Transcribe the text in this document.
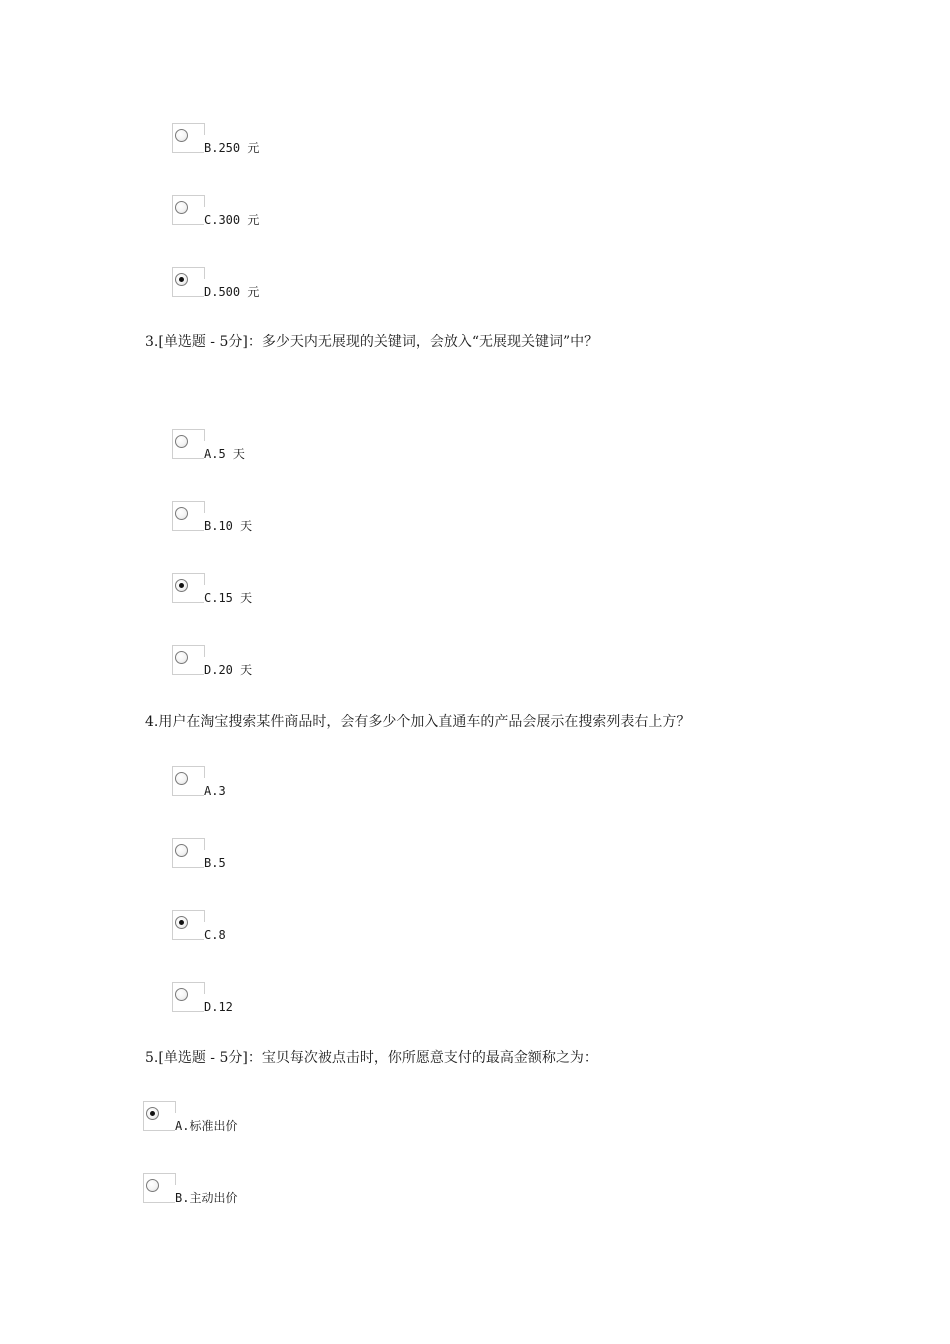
B.250 元
C.300 元
D.500 元
3.[单选题 - 5分]：多少天内无展现的关键词，会放入“无展现关键词”中？
A.5 天
B.10 天
C.15 天
D.20 天
4.用户在淘宝搜索某件商品时，会有多少个加入直通车的产品会展示在搜索列表右上方？
A.3
B.5
C.8
D.12
5.[单选题 - 5分]：宝贝每次被点击时，你所愿意支付的最高金额称之为：
A.标准出价
B.主动出价
